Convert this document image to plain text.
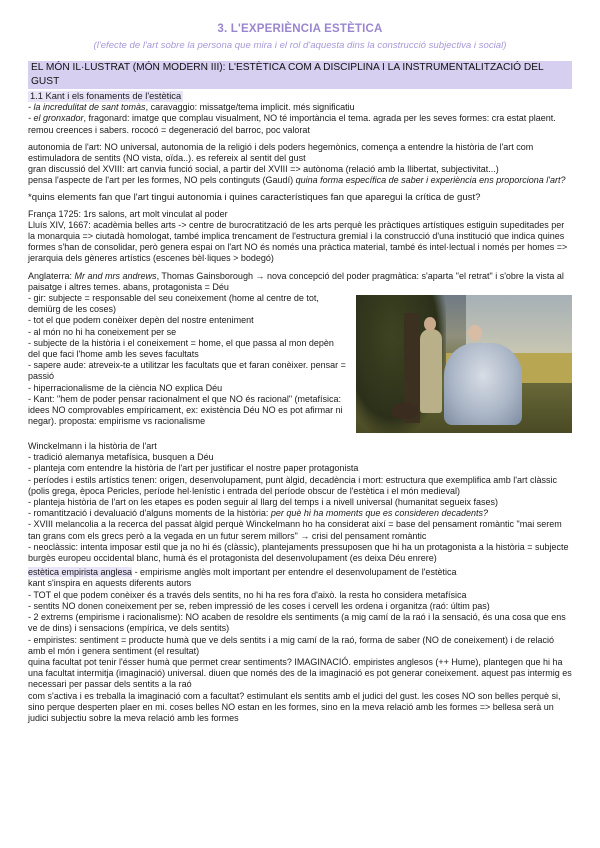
3. L'EXPERIÈNCIA ESTÈTICA
(l'efecte de l'art sobre la persona que mira i el rol d'aquesta dins la construcció subjectiva i social)
EL MÓN IL·LUSTRAT (MÓN MODERN III): L'ESTÈTICA COM A DISCIPLINA I LA INSTRUMENTALITZACIÓ DEL GUST
1.1 Kant i els fonaments de l'estètica

- la incredulitat de sant tomàs, caravaggio: missatge/tema implicit. més significatiu

- el gronxador, fragonard: imatge que complau visualment, NO té importància el tema. agrada per les seves formes: cra estat plaent. remou creences i sabers. rococó = degeneració del barroc, poc valorat

autonomia de l'art: NO universal, autonomia de la religió i dels poders hegemònics, comença a entendre la història de l'art com estimuladora de sentits (NO vista, oïda..). es refereix al sentit del gust

gran discussió del XVIII: art canvia funció social, a partir del XVIII => autònoma (relació amb la llibertat, subjectivitat...)

pensa l'aspecte de l'art per les formes, NO pels continguts (Gaudí) quina forma específica de saber i experiència ens proporciona l'art?

*quins elements fan que l'art tingui autonomia i quines característiques fan que aparegui la crítica de gust?

França 1725: 1rs salons, art molt vinculat al poder

Lluís XIV, 1667: acadèmia belles arts -> centre de burocratització de les arts perquè les pràctiques artístiques estiguin supeditades per la monarquia => ciutadà homologat, també implica trencament de l'estructura gremial i la construcció d'una institució que indica quines formes s'han de consolidar, però genera espai on l'art NO és només una pràctica material, també és intel·lectual i només per homes => jerarquia dels gèneres artístics (escenes bèl·liques > bodegó)

Anglaterra: Mr and mrs andrews, Thomas Gainsborough → nova concepció del poder pragmàtica: s'aparta "el retrat" i s'obre la vista al paisatge i altres temes. abans, protagonista = Déu

- gir: subjecte = responsable del seu coneixement (home al centre de tot, demiürg de les coses)

- tot el que podem conèixer depèn del nostre enteniment

- al món no hi ha coneixement per se

- subjecte de la història i el coneixement = home, el que passa al mon depèn del que faci l'home amb les seves facultats

- sapere aude: atreveix-te a utilitzar les facultats que et faran conèixer. pensar = passió

- hiperracionalisme de la ciència NO explica Déu

- Kant: "hem de poder pensar racionalment el que NO és racional" (metafísica: idees NO comprovables empíricament, ex: existència Déu NO es pot afirmar ni negar). proposta: empirisme vs racionalisme

Winckelmann i la història de l'art

- tradició alemanya metafísica, busquen a Déu

- planteja com entendre la història de l'art per justificar el nostre paper protagonista

- períodes i estils artístics tenen: origen, desenvolupament, punt àlgid, decadència i mort: estructura que exemplifica amb l'art clàssic (polis grega, època Pericles, període hel·lenístic i entrada del període obscur de l'estètica i el món medieval)

- planteja història de l'art on les etapes es poden seguir al llarg del temps i a nivell universal (humanitat segueix fases)

- romantització i devaluació d'alguns moments de la història: per què hi ha moments que es consideren decadents?

- XVIII melancolia a la recerca del passat àlgid perquè Winckelmann ho ha considerat així = base del pensament romàntic "mai serem tan grans com els grecs però a la vegada en un futur serem millors" → crisi del pensament romàntic

- neoclàssic: intenta imposar estil que ja no hi és (clàssic), plantejaments pressuposen que hi ha un protagonista a la història = subjecte burgès europeu occidental blanc, humà és el protagonista del desenvolupament (es deixa Déu enrere)

estètica empirista anglesa - empirisme anglès molt important per entendre el desenvolupament de l'estètica

kant s'inspira en aquests diferents autors

- TOT el que podem conèixer és a través dels sentits, no hi ha res fora d'això. la resta ho considera metafísica

- sentits NO donen coneixement per se, reben impressió de les coses i cervell les ordena i organitza (raó: últim pas)

- 2 extrems (empirisme i racionalisme): NO acaben de resoldre els sentiments (a mig camí de la raó i la sensació, és una cosa que ens ve de dins) i sensacions (empírica, ve dels sentits)

- empiristes: sentiment = producte humà que ve dels sentits i a mig camí de la raó, forma de saber (NO de coneixement) i de relació amb el món i genera sentiment (el resultat)

quina facultat pot tenir l'ésser humà que permet crear sentiments? IMAGINACIÓ. empiristes anglesos (++ Hume), plantegen que hi ha una facultat intermitja (imaginació) universal. diuen que només des de la imaginació es pot generar coneixement. aquest pas intermig es necessari per passar dels sentits a la raó

com s'activa i es treballa la imaginació com a facultat? estimulant els sentits amb el judici del gust. les coses NO son belles perquè si, sino perque desperten plaer en mi. coses belles NO estan en les formes, sino en la meva relació amb les formes => bellesa serà un judici subjectiu sobre la meva relació amb les formes
